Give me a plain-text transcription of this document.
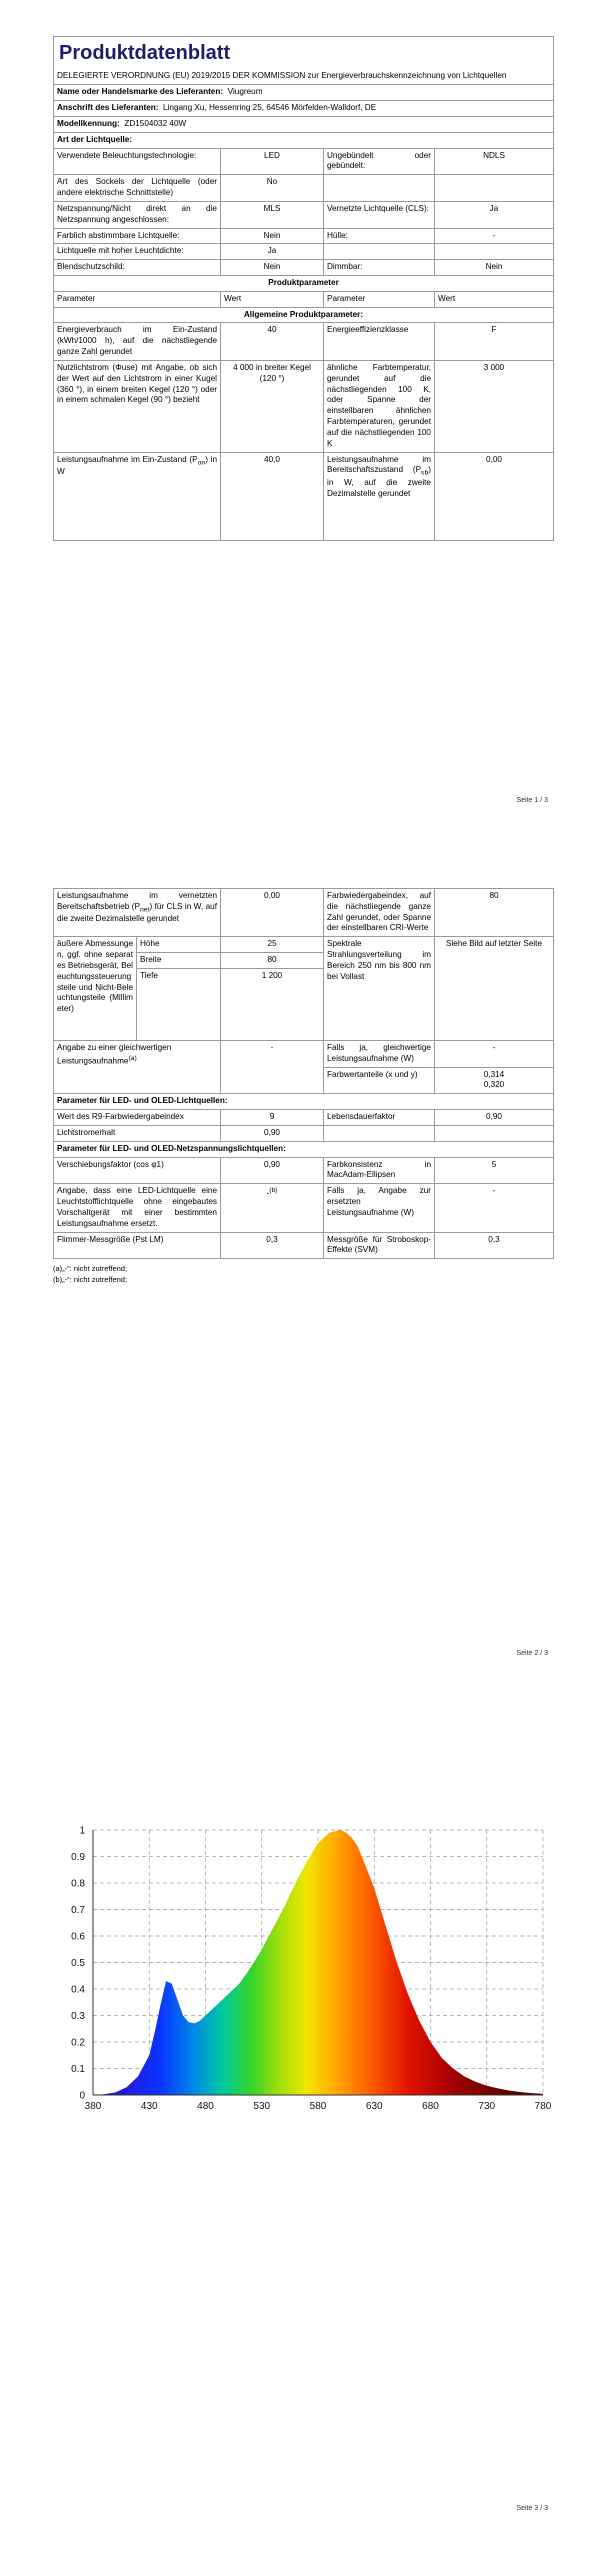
Produktdatenblatt			
DELEGIERTE VERORDNUNG (EU) 2019/2015 DER KOMMISSION zur Energieverbrauchskennzeichnung von Lichtquellen			
Name oder Handelsmarke des Lieferanten: Viugreum			
Anschrift des Lieferanten: Lingang Xu, Hessenring 25, 64546 Mörfelden-Walldorf, DE			
Modellkennung: ZD1504032 40W			
Art der Lichtquelle:			
Verwendete Beleuchtungstechnologie:	LED	Ungebündelt oder gebündelt:	NDLS
Art des Sockels der Lichtquelle (oder andere elektrische Schnittstelle)	No		
Netzspannung/Nicht direkt an die Netzspannung angeschlossen:	MLS	Vernetzte Lichtquelle (CLS):	Ja
Farblich abstimmbare Lichtquelle:	Nein	Hülle:	-
Lichtquelle mit hoher Leuchtdichte:	Ja		
Blendschutzschild:	Nein	Dimmbar:	Nein
Produktparameter			
Parameter	Wert	Parameter	Wert
Allgemeine Produktparameter:			
Energieverbrauch im Ein-Zustand (kWh/1000 h), auf die nächstliegende ganze Zahl gerundet	40	Energieeffizienzklasse	F
Nutzlichtstrom (Φuse) mit Angabe, ob sich der Wert auf den Lichtstrom in einer Kugel (360 °), in einem breiten Kegel (120 °) oder in einem schmalen Kegel (90 °) bezieht	4 000 in breiter Kegel (120 °)	ähnliche Farbtemperatur, gerundet auf die nächstliegenden 100 K, oder Spanne der einstellbaren ähnlichen Farbtemperaturen, gerundet auf die nächstliegenden 100 K	3 000
Leistungsaufnahme im Ein-Zustand $(P_{on})$ in W	40,0	Leistungsaufnahme im Bereitschaftszustand $(P_{sb})$ in W, auf die zweite Dezimalstelle gerundet	0,00
Seite 1 / 3
Leistungsaufnahme im vernetzten Bereitschaftsbetrieb $(P_{net})$ für CLS in W, auf die zweite Dezimalstelle gerundet		0,00	Farbwiedergabeindex, auf die nächstliegende ganze Zahl gerundet, oder Spanne der einstellbaren CRI-Werte	80
äußere Abmessungen, ggf. ohne separates Betriebsgerät, Beleuchtungssteuerungsteile und Nicht-Beleuchtungsteile (Millimeter)	Höhe	25	Spektrale Strahlungsverteilung im Bereich 250 nm bis 800 nm bei Vollast	Siehe Bild auf letzter Seite
	Breite	80		
	Tiefe	1 200		
Angabe zu einer gleichwertigen Leistungsaufnahme$^{(a)}$		-	Falls ja, gleichwertige Leistungsaufnahme (W)	-
			Farbwertanteile (x und y)	0,314
0,320

Parameter für LED- und OLED-Lichtquellen:				
Wert des R9-Farbwiedergabeindex		9	Lebensdauerfaktor	0,90
Lichtstromerhalt		0,90		
Parameter für LED- und OLED-Netzspannungslichtquellen:				
Verschiebungsfaktor (cos φ1)		0,90	Farbkonsistenz in MacAdam-Ellipsen	5
Angabe, dass eine LED-Lichtquelle eine Leuchtstofflichtquelle ohne eingebautes Vorschaltgerät mit einer bestimmten Leistungsaufnahme ersetzt.		-$^{(b)}$	Falls ja, Angabe zur ersetzten Leistungsaufnahme (W)	-
Flimmer-Messgröße (Pst LM)		0,3	Messgröße für Stroboskop-Effekte (SVM)	0,3
(a)„-“: nicht zutreffend;
(b)„-“: nicht zutreffend;
Seite 2 / 3
Seite 3 / 3
0
0.1
0.2
0.3
0.4
0.5
0.6
0.7
0.8
0.9
1
380	430	480	530	580	630	680	730	780
